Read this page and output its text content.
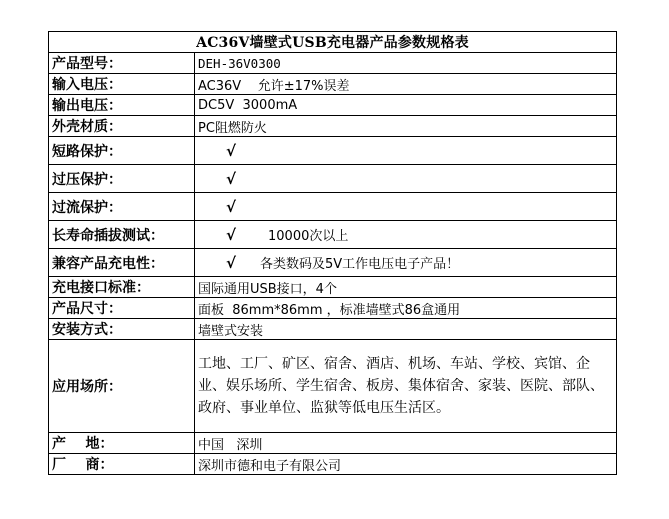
AC36V墙壁式USB充电器产品参数规格表	
产品型号：	DEH-36V0300
输入电压：	AC36V    允许±17%误差
输出电压：	DC5V  3000mA
外壳材质：	PC阻燃防火
短路保护：	√
过压保护：	√
过流保护：	√
长寿命插拔测试：	√ 10000次以上
兼容产品充电性：	√ 各类数码及5V工作电压电子产品！
充电接口标准：	国际通用USB接口，4个
产品尺寸：	面板  86mm*86mm ，标准墙壁式86盒通用
安装方式：	墙壁式安装
应用场所：	工地、工厂、矿区、宿舍、酒店、机场、车站、学校、宾馆、企业、娱乐场所、学生宿舍、板房、集体宿舍、家装、医院、部队、政府、事业单位、监狱等低电压生活区。
产    地：	中国   深圳
厂    商：	深圳市德和电子有限公司
